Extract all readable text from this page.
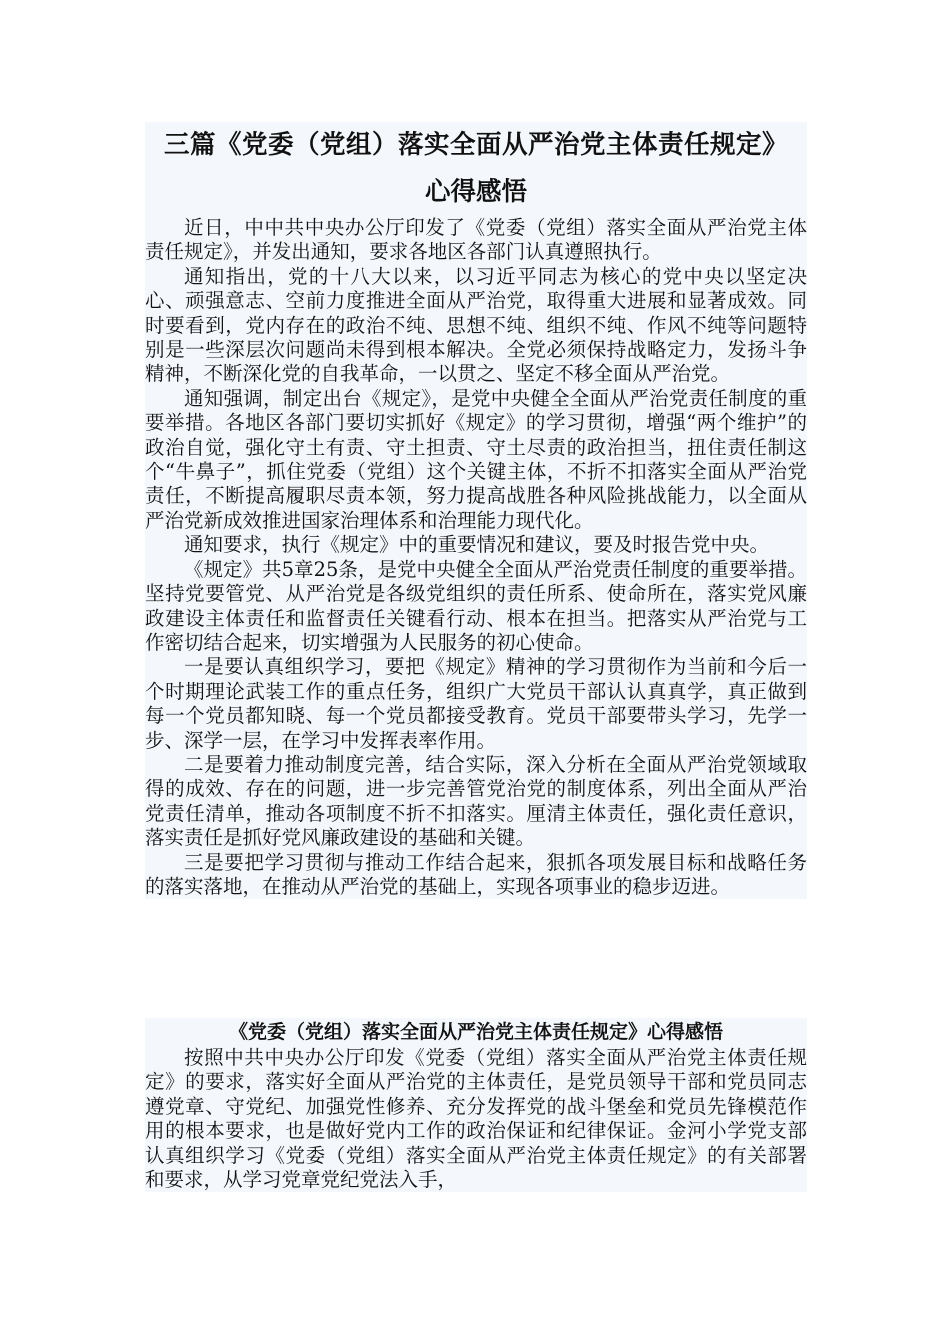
三篇《党委（党组）落实全面从严治党主体责任规定》
心得感悟

近日，中中共中央办公厅印发了《党委（党组）落实全面从严治党主体责任规定》，并发出通知，要求各地区各部门认真遵照执行。

通知指出，党的十八大以来，以习近平同志为核心的党中央以坚定决心、顽强意志、空前力度推进全面从严治党，取得重大进展和显著成效。同时要看到，党内存在的政治不纯、思想不纯、组织不纯、作风不纯等问题特别是一些深层次问题尚未得到根本解决。全党必须保持战略定力，发扬斗争精神，不断深化党的自我革命，一以贯之、坚定不移全面从严治党。

通知强调，制定出台《规定》，是党中央健全全面从严治党责任制度的重要举措。各地区各部门要切实抓好《规定》的学习贯彻，增强“两个维护”的政治自觉，强化守土有责、守土担责、守土尽责的政治担当，扭住责任制这个“牛鼻子”，抓住党委（党组）这个关键主体，不折不扣落实全面从严治党责任，不断提高履职尽责本领，努力提高战胜各种风险挑战能力，以全面从严治党新成效推进国家治理体系和治理能力现代化。

通知要求，执行《规定》中的重要情况和建议，要及时报告党中央。

《规定》共5章25条，是党中央健全全面从严治党责任制度的重要举措。坚持党要管党、从严治党是各级党组织的责任所系、使命所在，落实党风廉政建设主体责任和监督责任关键看行动、根本在担当。把落实从严治党与工作密切结合起来，切实增强为人民服务的初心使命。

一是要认真组织学习，要把《规定》精神的学习贯彻作为当前和今后一个时期理论武装工作的重点任务，组织广大党员干部认认真真学，真正做到每一个党员都知晓、每一个党员都接受教育。党员干部要带头学习，先学一步、深学一层，在学习中发挥表率作用。

二是要着力推动制度完善，结合实际，深入分析在全面从严治党领域取得的成效、存在的问题，进一步完善管党治党的制度体系，列出全面从严治党责任清单，推动各项制度不折不扣落实。厘清主体责任，强化责任意识，落实责任是抓好党风廉政建设的基础和关键。

三是要把学习贯彻与推动工作结合起来，狠抓各项发展目标和战略任务的落实落地，在推动从严治党的基础上，实现各项事业的稳步迈进。

《党委（党组）落实全面从严治党主体责任规定》心得感悟

按照中共中央办公厅印发《党委（党组）落实全面从严治党主体责任规定》的要求，落实好全面从严治党的主体责任，是党员领导干部和党员同志遵党章、守党纪、加强党性修养、充分发挥党的战斗堡垒和党员先锋模范作用的根本要求，也是做好党内工作的政治保证和纪律保证。金河小学党支部认真组织学习《党委（党组）落实全面从严治党主体责任规定》的有关部署和要求，从学习党章党纪党法入手，
